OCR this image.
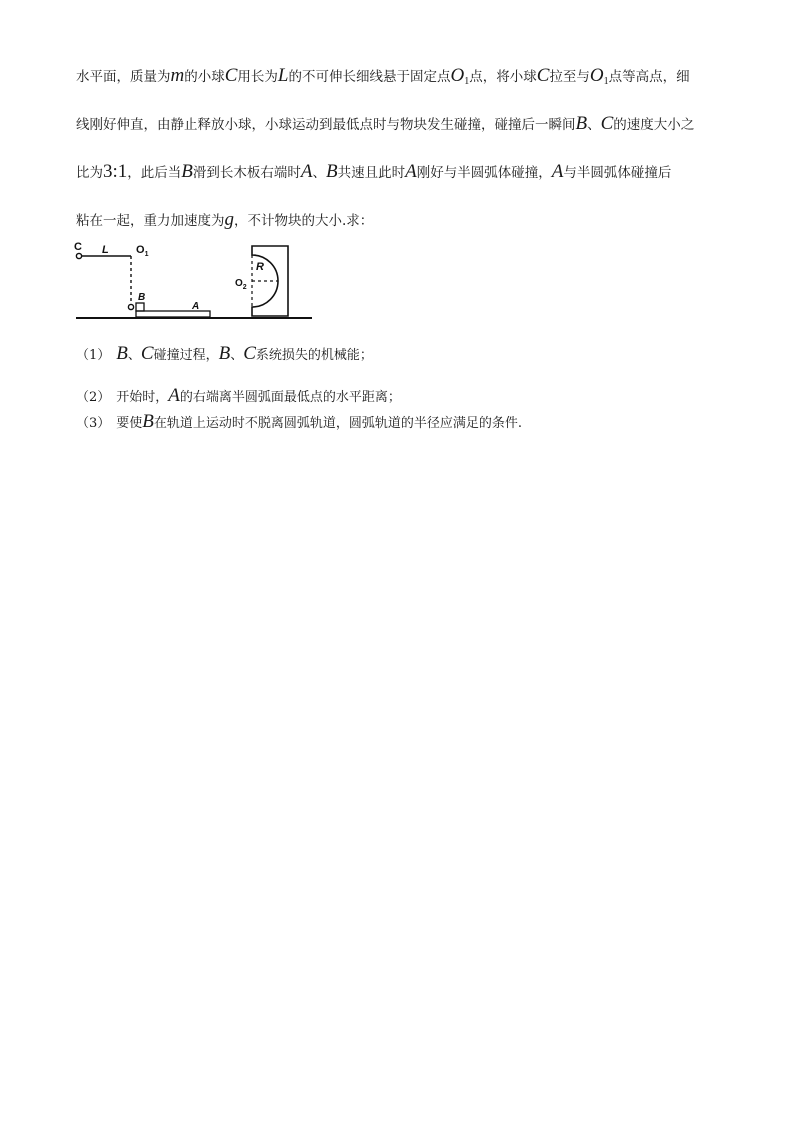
水平面，质量为m的小球C用长为L的不可伸长细线悬于固定点$O_1$点，将小球C拉至与$O_1$点等高点，细
线刚好伸直，由静止释放小球，小球运动到最低点时与物块发生碰撞，碰撞后一瞬间B、C的速度大小之
比为3:1，此后当B滑到长木板右端时A、B共速且此时A刚好与半圆弧体碰撞，A与半圆弧体碰撞后
粘在一起，重力加速度为g，不计物块的大小.求：
C L $O_1$
B
A
R
$O_2$
（1） B、C碰撞过程，B、C系统损失的机械能；
（2） 开始时，A的右端离半圆弧面最低点的水平距离；
（3） 要使B在轨道上运动时不脱离圆弧轨道，圆弧轨道的半径应满足的条件.
